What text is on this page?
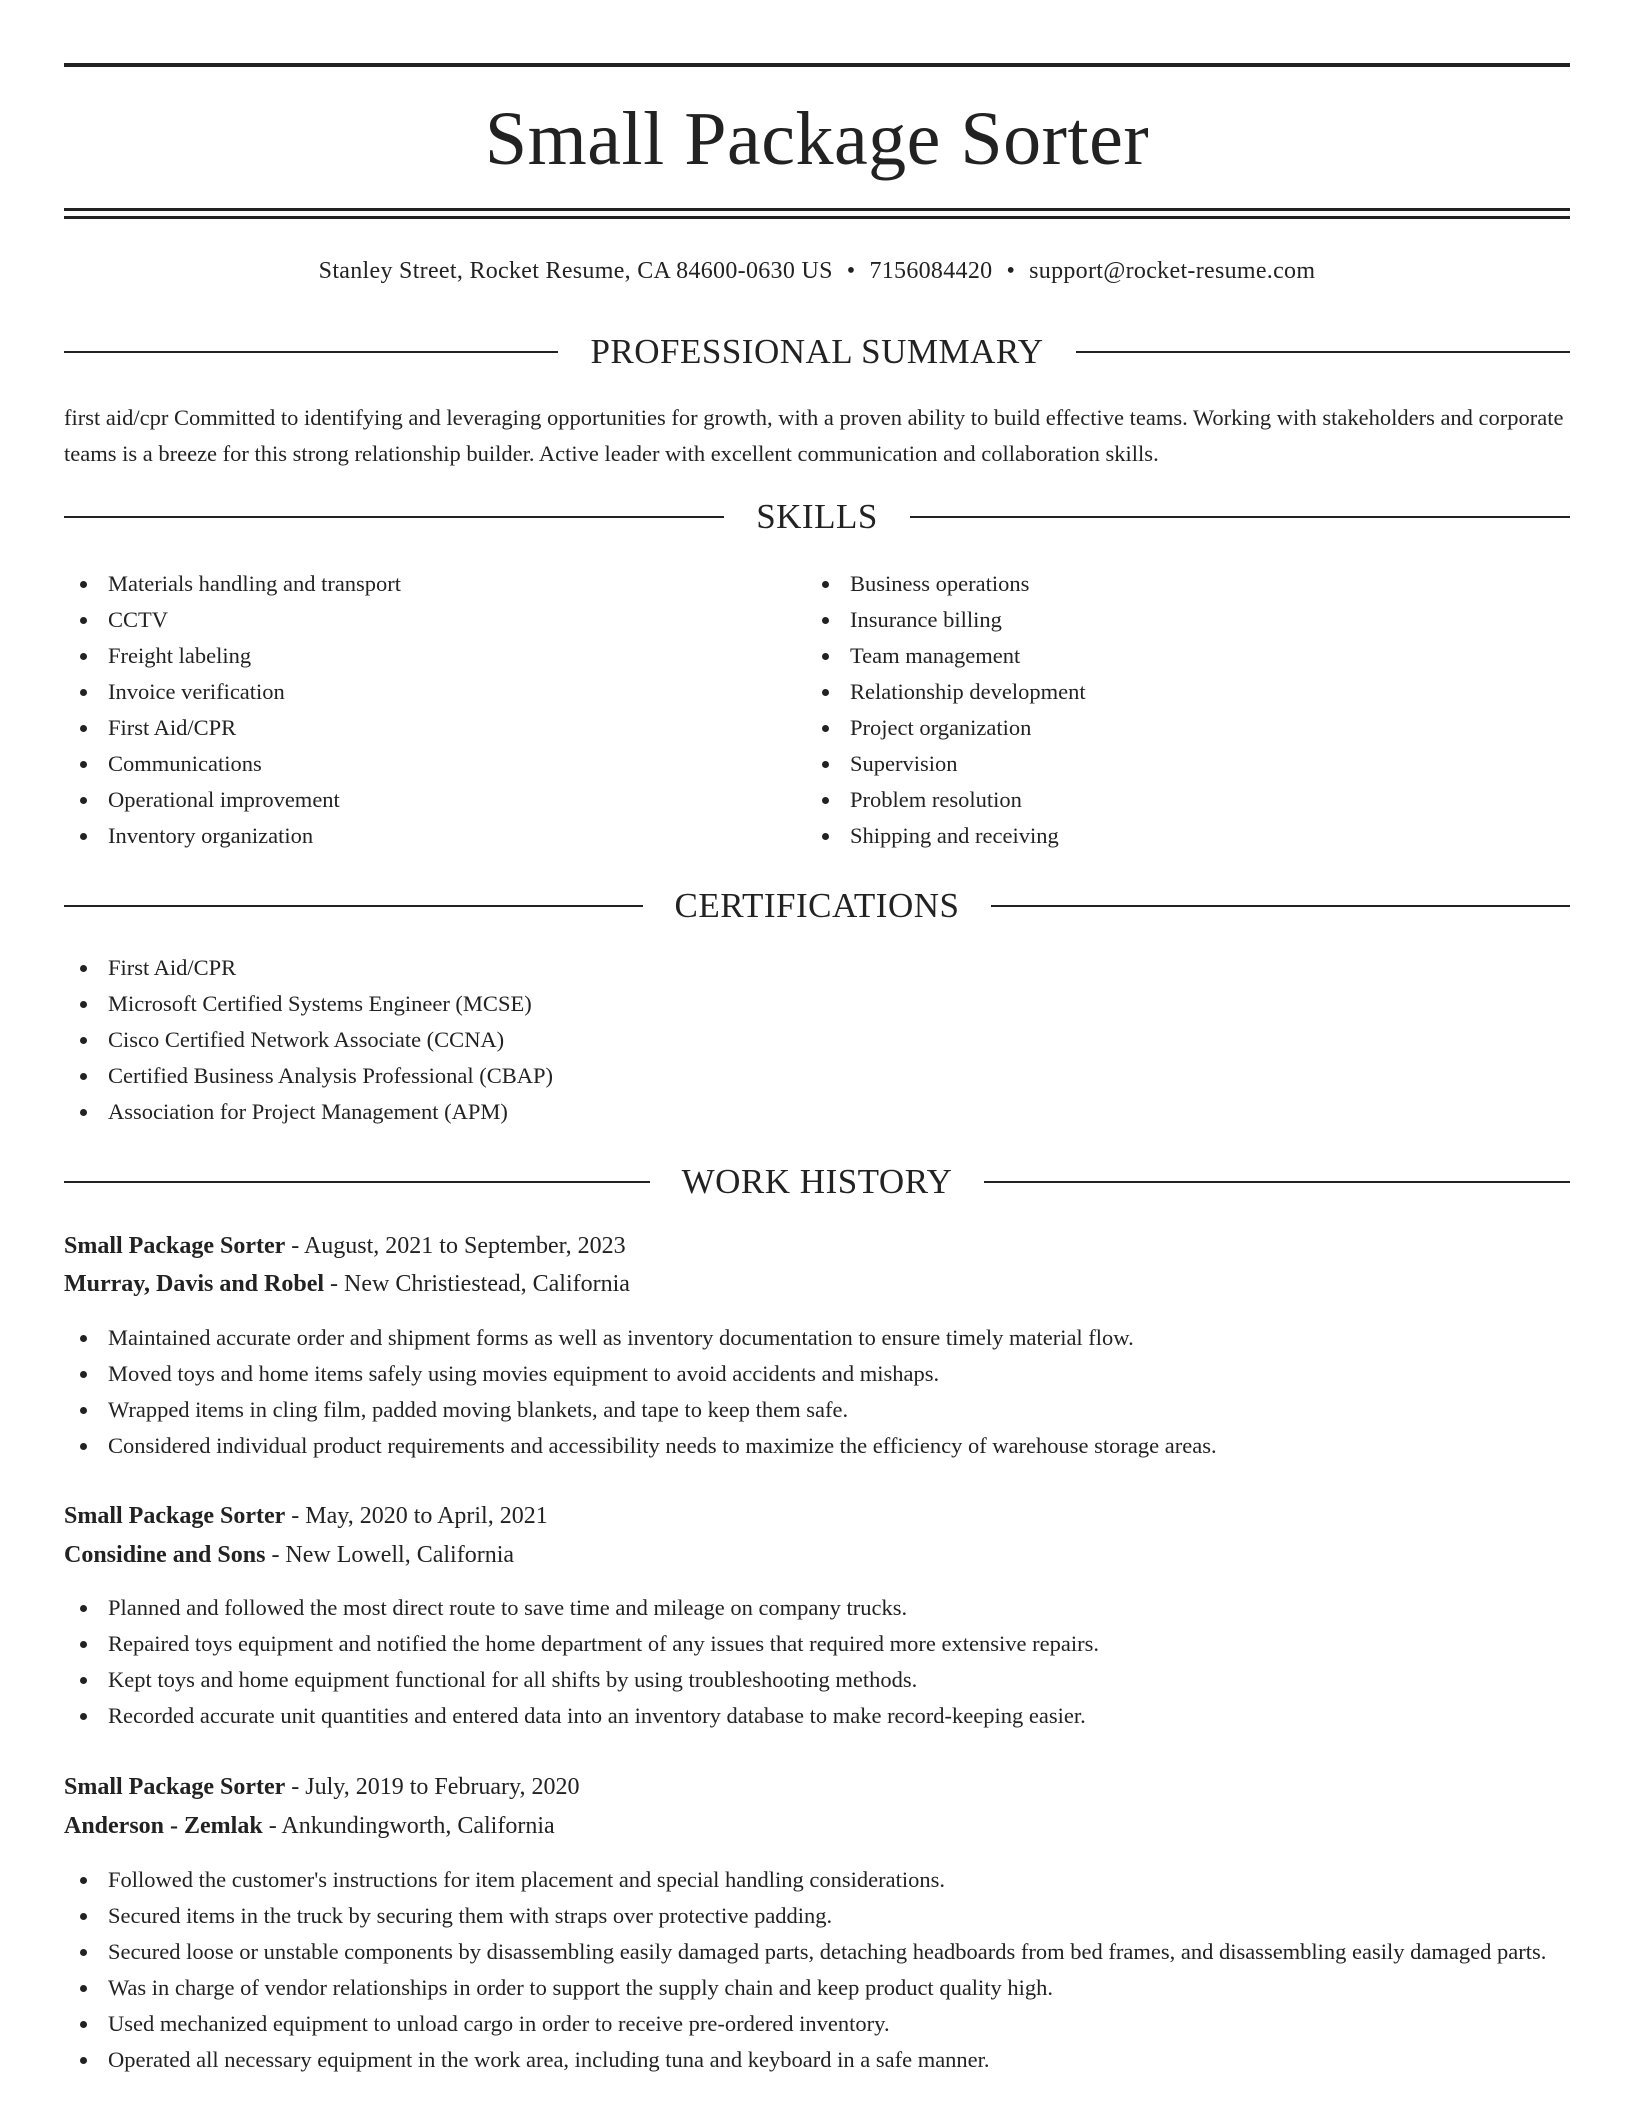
Small Package Sorter
Stanley Street, Rocket Resume, CA 84600-0630 US • 7156084420 • support@rocket-resume.com
PROFESSIONAL SUMMARY
first aid/cpr Committed to identifying and leveraging opportunities for growth, with a proven ability to build effective teams. Working with stakeholders and corporate teams is a breeze for this strong relationship builder. Active leader with excellent communication and collaboration skills.
SKILLS
Materials handling and transport
CCTV
Freight labeling
Invoice verification
First Aid/CPR
Communications
Operational improvement
Inventory organization
Business operations
Insurance billing
Team management
Relationship development
Project organization
Supervision
Problem resolution
Shipping and receiving
CERTIFICATIONS
First Aid/CPR
Microsoft Certified Systems Engineer (MCSE)
Cisco Certified Network Associate (CCNA)
Certified Business Analysis Professional (CBAP)
Association for Project Management (APM)
WORK HISTORY
Small Package Sorter - August, 2021 to September, 2023
Murray, Davis and Robel - New Christiestead, California
Maintained accurate order and shipment forms as well as inventory documentation to ensure timely material flow.
Moved toys and home items safely using movies equipment to avoid accidents and mishaps.
Wrapped items in cling film, padded moving blankets, and tape to keep them safe.
Considered individual product requirements and accessibility needs to maximize the efficiency of warehouse storage areas.
Small Package Sorter - May, 2020 to April, 2021
Considine and Sons - New Lowell, California
Planned and followed the most direct route to save time and mileage on company trucks.
Repaired toys equipment and notified the home department of any issues that required more extensive repairs.
Kept toys and home equipment functional for all shifts by using troubleshooting methods.
Recorded accurate unit quantities and entered data into an inventory database to make record-keeping easier.
Small Package Sorter - July, 2019 to February, 2020
Anderson - Zemlak - Ankundingworth, California
Followed the customer's instructions for item placement and special handling considerations.
Secured items in the truck by securing them with straps over protective padding.
Secured loose or unstable components by disassembling easily damaged parts, detaching headboards from bed frames, and disassembling easily damaged parts.
Was in charge of vendor relationships in order to support the supply chain and keep product quality high.
Used mechanized equipment to unload cargo in order to receive pre-ordered inventory.
Operated all necessary equipment in the work area, including tuna and keyboard in a safe manner.
